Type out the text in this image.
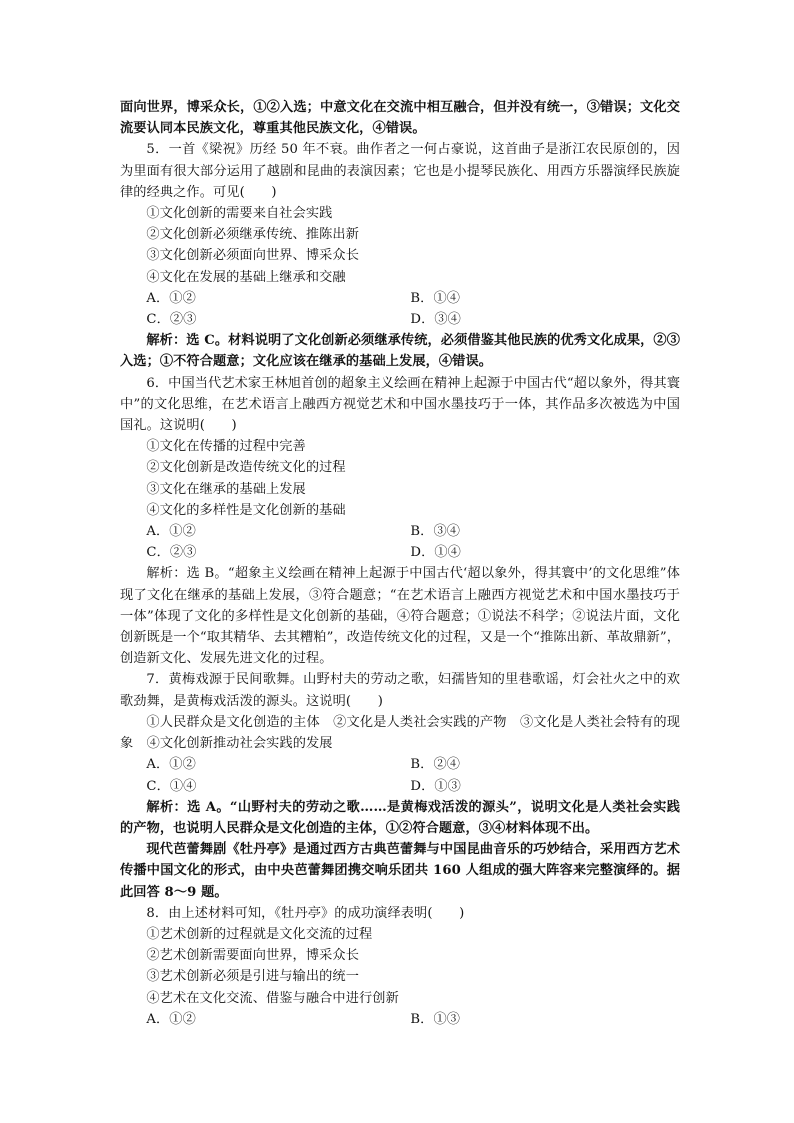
面向世界，博采众长，①②入选；中意文化在交流中相互融合，但并没有统一，③错误；文化交流要认同本民族文化，尊重其他民族文化，④错误。

5．一首《梁祝》历经 50 年不衰。曲作者之一何占豪说，这首曲子是浙江农民原创的，因为里面有很大部分运用了越剧和昆曲的表演因素；它也是小提琴民族化、用西方乐器演绎民族旋律的经典之作。可见(　　)

①文化创新的需要来自社会实践

②文化创新必须继承传统、推陈出新

③文化创新必须面向世界、博采众长

④文化在发展的基础上继承和交融

A．①②	B．①④
C．②③	D．③④

解析：选 C。材料说明了文化创新必须继承传统，必须借鉴其他民族的优秀文化成果，②③入选；①不符合题意；文化应该在继承的基础上发展，④错误。

6．中国当代艺术家王林旭首创的超象主义绘画在精神上起源于中国古代“超以象外，得其寰中”的文化思维，在艺术语言上融西方视觉艺术和中国水墨技巧于一体，其作品多次被选为中国国礼。这说明(　　)

①文化在传播的过程中完善

②文化创新是改造传统文化的过程

③文化在继承的基础上发展

④文化的多样性是文化创新的基础

A．①②	B．③④
C．②③	D．①④

解析：选 B。“超象主义绘画在精神上起源于中国古代‘超以象外，得其寰中’的文化思维”体现了文化在继承的基础上发展，③符合题意；“在艺术语言上融西方视觉艺术和中国水墨技巧于一体”体现了文化的多样性是文化创新的基础，④符合题意；①说法不科学；②说法片面，文化创新既是一个“取其精华、去其糟粕”，改造传统文化的过程，又是一个“推陈出新、革故鼎新”，创造新文化、发展先进文化的过程。

7．黄梅戏源于民间歌舞。山野村夫的劳动之歌，妇孺皆知的里巷歌谣，灯会社火之中的欢歌劲舞，是黄梅戏活泼的源头。这说明(　　)

①人民群众是文化创造的主体　②文化是人类社会实践的产物　③文化是人类社会特有的现象　④文化创新推动社会实践的发展

A．①②	B．②④
C．①④	D．①③

解析：选 A。“山野村夫的劳动之歌……是黄梅戏活泼的源头”，说明文化是人类社会实践的产物，也说明人民群众是文化创造的主体，①②符合题意，③④材料体现不出。

现代芭蕾舞剧《牡丹亭》是通过西方古典芭蕾舞与中国昆曲音乐的巧妙结合，采用西方艺术传播中国文化的形式，由中央芭蕾舞团携交响乐团共 160 人组成的强大阵容来完整演绎的。据此回答 8～9 题。

8．由上述材料可知，《牡丹亭》的成功演绎表明(　　)

①艺术创新的过程就是文化交流的过程

②艺术创新需要面向世界，博采众长

③艺术创新必须是引进与输出的统一

④艺术在文化交流、借鉴与融合中进行创新

A．①②	B．①③
